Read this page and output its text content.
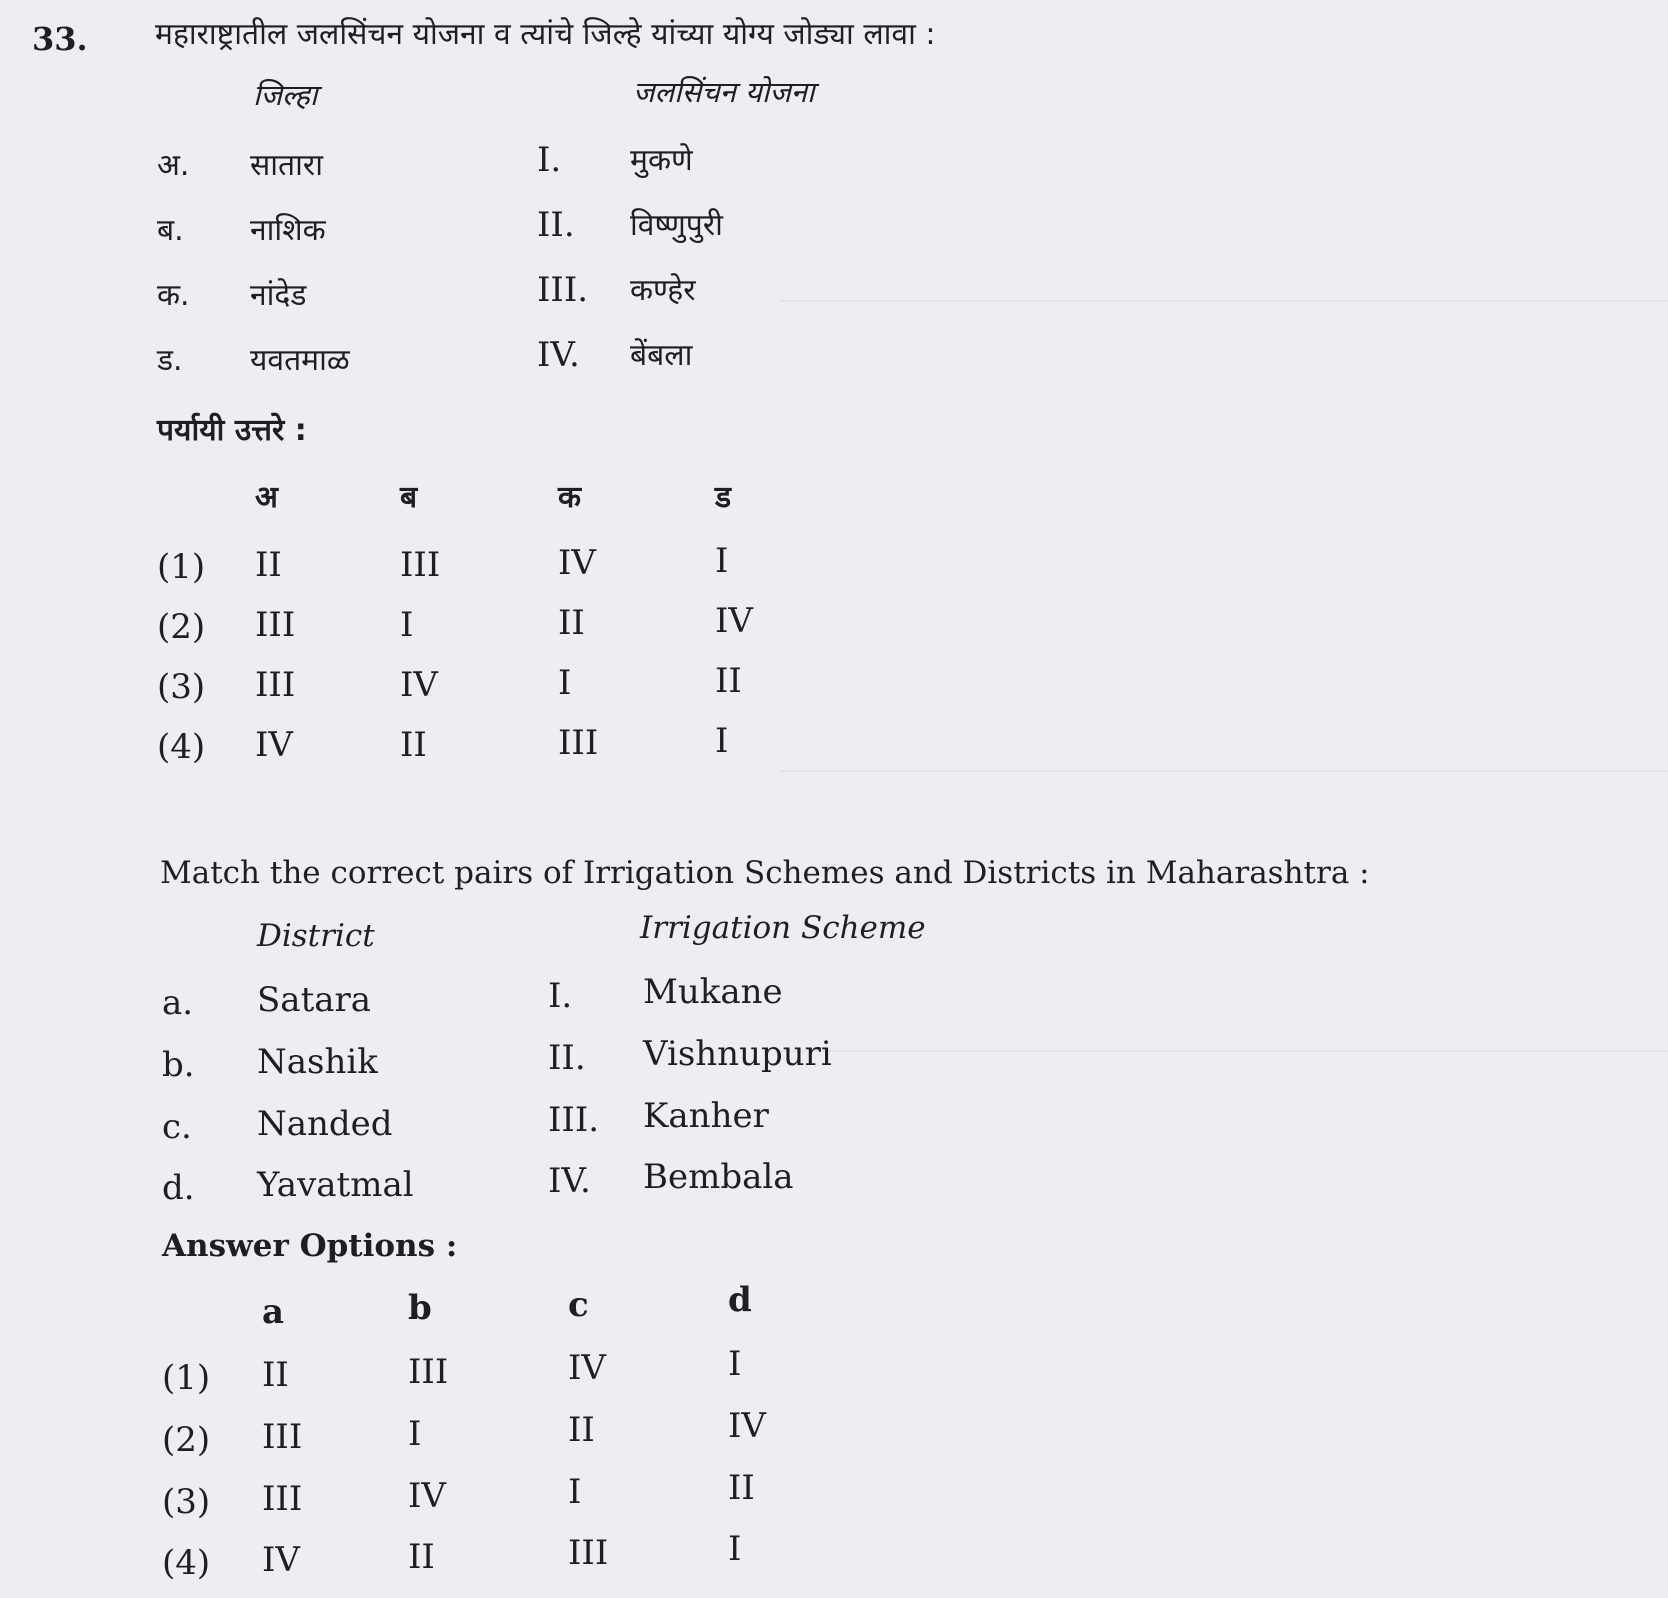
33. महाराष्ट्रातील जलसिंचन योजना व त्यांचे जिल्हे यांच्या योग्य जोड्या लावा :
जिल्हा	जलसिंचन योजना
अ. सातारा	I. मुकणे
ब. नाशिक	II. विष्णुपुरी
क. नांदेड	III. कण्हेर
ड. यवतमाळ	IV. बेंबला
पर्यायी उत्तरे :
अ	ब	क	ड
(1) II	III	IV	I
(2) III	I	II	IV
(3) III	IV	I	II
(4) IV	II	III	I
Match the correct pairs of Irrigation Schemes and Districts in Maharashtra :
District	Irrigation Scheme
a. Satara	I. Mukane
b. Nashik	II. Vishnupuri
c. Nanded	III. Kanher
d. Yavatmal	IV. Bembala
Answer Options :
a	b	c	d
(1) II	III	IV	I
(2) III	I	II	IV
(3) III	IV	I	II
(4) IV	II	III	I
